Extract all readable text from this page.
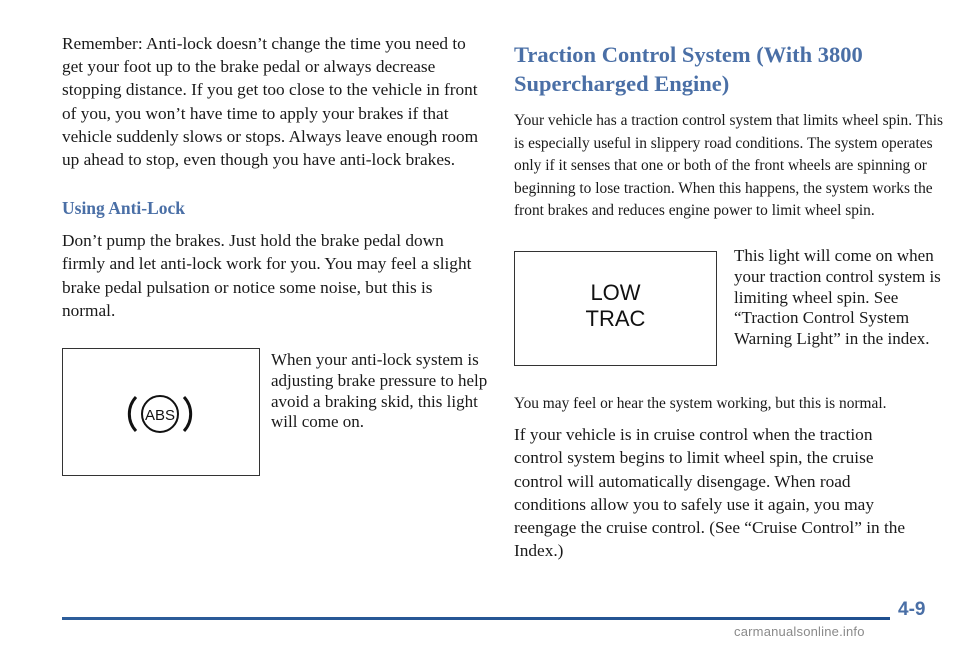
Remember: Anti-lock doesn’t change the time you need to get your foot up to the brake pedal or always decrease stopping distance. If you get too close to the vehicle in front of you, you won’t have time to apply your brakes if that vehicle suddenly slows or stops. Always leave enough room up ahead to stop, even though you have anti-lock brakes.

Using Anti-Lock

Don’t pump the brakes. Just hold the brake pedal down firmly and let anti-lock work for you. You may feel a slight brake pedal pulsation or notice some noise, but this is normal.

ABS
When your anti-lock system is adjusting brake pressure to help avoid a braking skid, this light will come on.
Traction Control System (With 3800 Supercharged Engine)

Your vehicle has a traction control system that limits wheel spin. This is especially useful in slippery road conditions. The system operates only if it senses that one or both of the front wheels are spinning or beginning to lose traction. When this happens, the system works the front brakes and reduces engine power to limit wheel spin.

LOW
TRAC
This light will come on when your traction control system is limiting wheel spin. See “Traction Control System Warning Light” in the index.

You may feel or hear the system working, but this is normal.

If your vehicle is in cruise control when the traction control system begins to limit wheel spin, the cruise control will automatically disengage. When road conditions allow you to safely use it again, you may reengage the cruise control. (See “Cruise Control” in the Index.)

4-9
carmanualsonline.info
